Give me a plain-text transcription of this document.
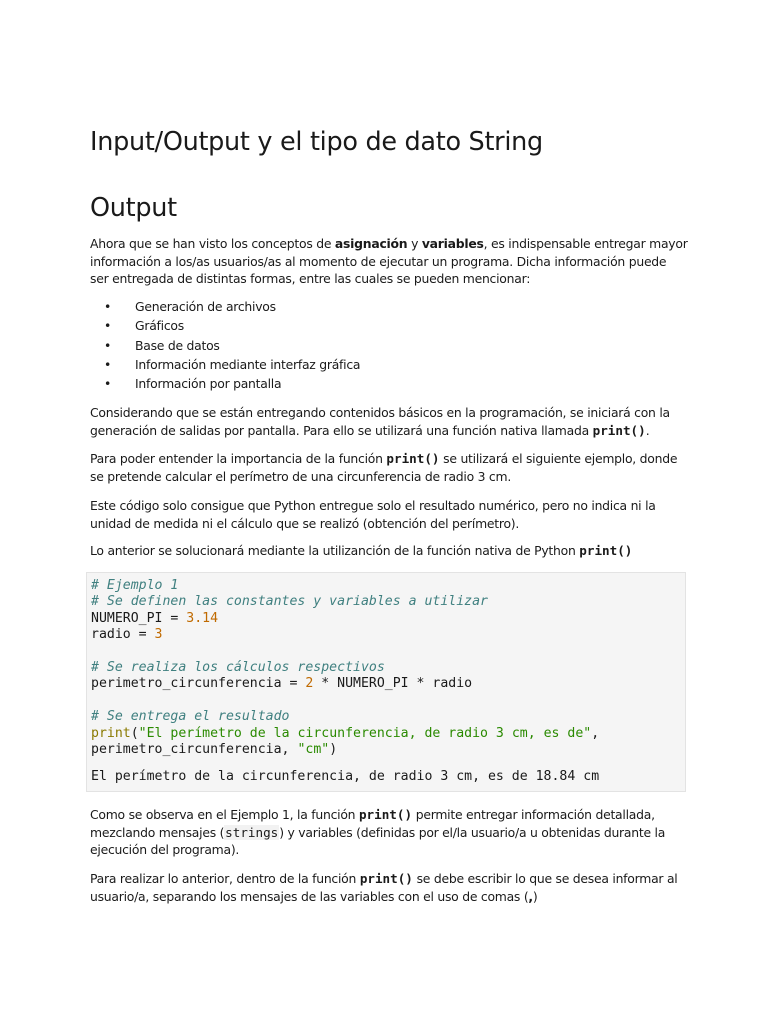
Input/Output y el tipo de dato String
Output

Ahora que se han visto los conceptos de asignación y variables, es indispensable entregar mayor información a los/as usuarios/as al momento de ejecutar un programa. Dicha información puede ser entregada de distintas formas, entre las cuales se pueden mencionar:

• Generación de archivos
• Gráficos
• Base de datos
• Información mediante interfaz gráfica
• Información por pantalla

Considerando que se están entregando contenidos básicos en la programación, se iniciará con la generación de salidas por pantalla. Para ello se utilizará una función nativa llamada print().

Para poder entender la importancia de la función print() se utilizará el siguiente ejemplo, donde se pretende calcular el perímetro de una circunferencia de radio 3 cm.

Este código solo consigue que Python entregue solo el resultado numérico, pero no indica ni la unidad de medida ni el cálculo que se realizó (obtención del perímetro).

Lo anterior se solucionará mediante la utilizanción de la función nativa de Python print()

# Ejemplo 1
# Se definen las constantes y variables a utilizar
NUMERO_PI = 3.14
radio = 3

# Se realiza los cálculos respectivos
perimetro_circunferencia = 2 * NUMERO_PI * radio

# Se entrega el resultado
print("El perímetro de la circunferencia, de radio 3 cm, es de",
perimetro_circunferencia, "cm")
El perímetro de la circunferencia, de radio 3 cm, es de 18.84 cm

Como se observa en el Ejemplo 1, la función print() permite entregar información detallada, mezclando mensajes (strings) y variables (definidas por el/la usuario/a u obtenidas durante la ejecución del programa).

Para realizar lo anterior, dentro de la función print() se debe escribir lo que se desea informar al usuario/a, separando los mensajes de las variables con el uso de comas (,)
